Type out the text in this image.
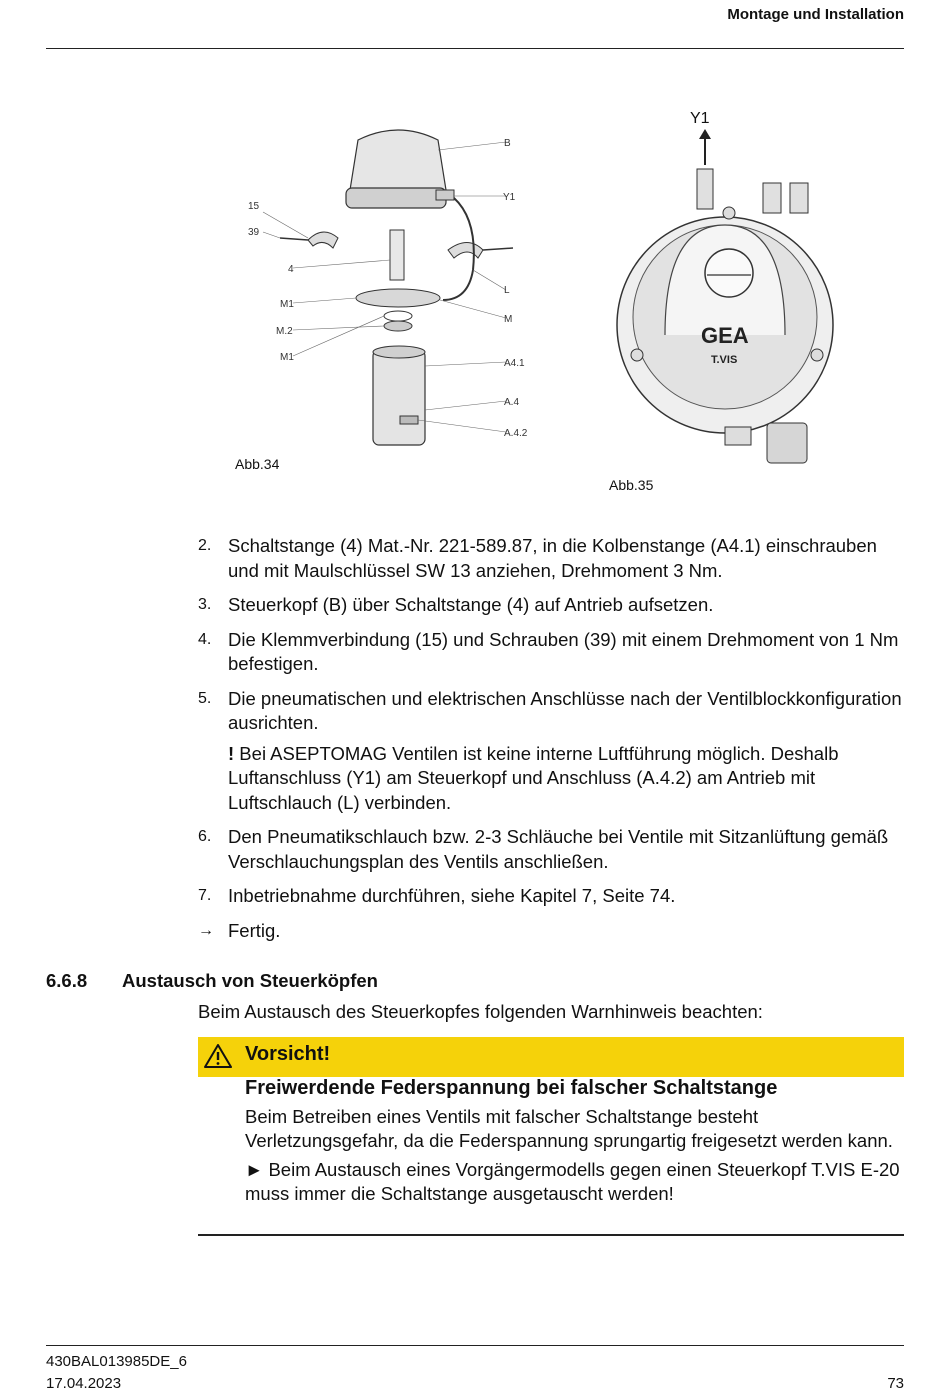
Montage und Installation
15
39
4
M1
M.2
M1
B
Y1
L
M
A4.1
A.4
A.4.2
Abb.34
Y1
GEA
T.VIS
Abb.35
2. Schaltstange (4) Mat.-Nr. 221-589.87, in die Kolbenstange (A4.1) einschrauben und mit Maulschlüssel SW 13 anziehen, Drehmoment 3 Nm.
3. Steuerkopf (B) über Schaltstange (4) auf Antrieb aufsetzen.
4. Die Klemmverbindung (15) und Schrauben (39) mit einem Drehmoment von 1 Nm befestigen.
5. Die pneumatischen und elektrischen Anschlüsse nach der Ventilblockkonfiguration ausrichten.
! Bei ASEPTOMAG Ventilen ist keine interne Luftführung möglich. Deshalb Luftanschluss (Y1) am Steuerkopf und Anschluss (A.4.2) am Antrieb mit Luftschlauch (L) verbinden.
6. Den Pneumatikschlauch bzw. 2-3 Schläuche bei Ventile mit Sitzanlüftung gemäß Verschlauchungsplan des Ventils anschließen.
7. Inbetriebnahme durchführen, siehe Kapitel 7, Seite 74.
→ Fertig.
6.6.8 Austausch von Steuerköpfen
Beim Austausch des Steuerkopfes folgenden Warnhinweis beachten:
Vorsicht!
Freiwerdende Federspannung bei falscher Schaltstange
Beim Betreiben eines Ventils mit falscher Schaltstange besteht Verletzungsgefahr, da die Federspannung sprungartig freigesetzt werden kann.
► Beim Austausch eines Vorgängermodells gegen einen Steuerkopf T.VIS E-20 muss immer die Schaltstange ausgetauscht werden!
430BAL013985DE_6
17.04.2023	73
